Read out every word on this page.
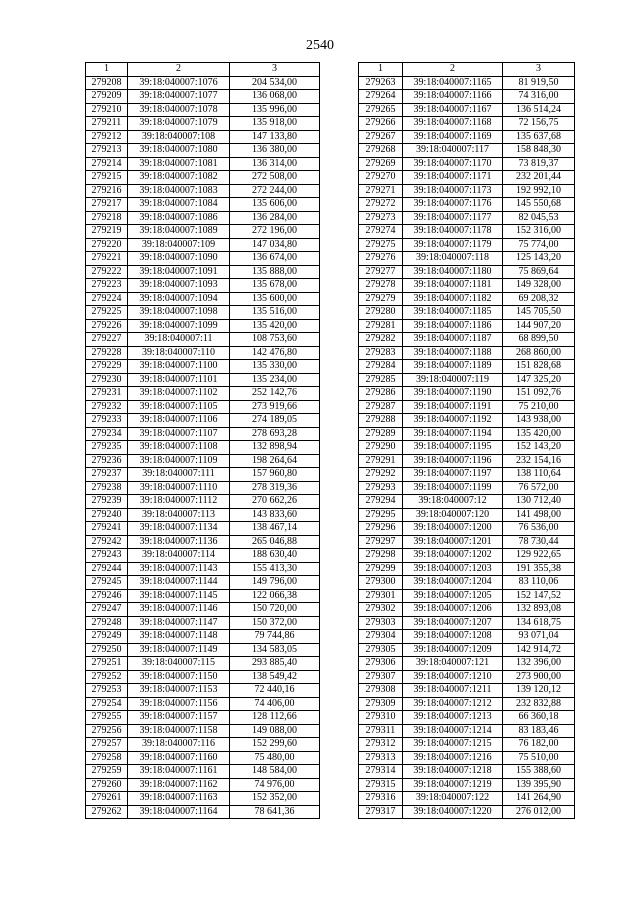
2540
1	2	3
279208	39:18:040007:1076	204 534,00
279209	39:18:040007:1077	136 068,00
279210	39:18:040007:1078	135 996,00
279211	39:18:040007:1079	135 918,00
279212	39:18:040007:108	147 133,80
279213	39:18:040007:1080	136 380,00
279214	39:18:040007:1081	136 314,00
279215	39:18:040007:1082	272 508,00
279216	39:18:040007:1083	272 244,00
279217	39:18:040007:1084	135 606,00
279218	39:18:040007:1086	136 284,00
279219	39:18:040007:1089	272 196,00
279220	39:18:040007:109	147 034,80
279221	39:18:040007:1090	136 674,00
279222	39:18:040007:1091	135 888,00
279223	39:18:040007:1093	135 678,00
279224	39:18:040007:1094	135 600,00
279225	39:18:040007:1098	135 516,00
279226	39:18:040007:1099	135 420,00
279227	39:18:040007:11	108 753,60
279228	39:18:040007:110	142 476,80
279229	39:18:040007:1100	135 330,00
279230	39:18:040007:1101	135 234,00
279231	39:18:040007:1102	252 142,76
279232	39:18:040007:1105	273 919,66
279233	39:18:040007:1106	274 189,05
279234	39:18:040007:1107	278 693,28
279235	39:18:040007:1108	132 898,94
279236	39:18:040007:1109	198 264,64
279237	39:18:040007:111	157 960,80
279238	39:18:040007:1110	278 319,36
279239	39:18:040007:1112	270 662,26
279240	39:18:040007:113	143 833,60
279241	39:18:040007:1134	138 467,14
279242	39:18:040007:1136	265 046,88
279243	39:18:040007:114	188 630,40
279244	39:18:040007:1143	155 413,30
279245	39:18:040007:1144	149 796,00
279246	39:18:040007:1145	122 066,38
279247	39:18:040007:1146	150 720,00
279248	39:18:040007:1147	150 372,00
279249	39:18:040007:1148	79 744,86
279250	39:18:040007:1149	134 583,05
279251	39:18:040007:115	293 885,40
279252	39:18:040007:1150	138 549,42
279253	39:18:040007:1153	72 440,16
279254	39:18:040007:1156	74 406,00
279255	39:18:040007:1157	128 112,66
279256	39:18:040007:1158	149 088,00
279257	39:18:040007:116	152 299,60
279258	39:18:040007:1160	75 480,00
279259	39:18:040007:1161	148 584,00
279260	39:18:040007:1162	74 976,00
279261	39:18:040007:1163	152 352,00
279262	39:18:040007:1164	78 641,36
1	2	3
279263	39:18:040007:1165	81 919,50
279264	39:18:040007:1166	74 316,00
279265	39:18:040007:1167	136 514,24
279266	39:18:040007:1168	72 156,75
279267	39:18:040007:1169	135 637,68
279268	39:18:040007:117	158 848,30
279269	39:18:040007:1170	73 819,37
279270	39:18:040007:1171	232 201,44
279271	39:18:040007:1173	192 992,10
279272	39:18:040007:1176	145 550,68
279273	39:18:040007:1177	82 045,53
279274	39:18:040007:1178	152 316,00
279275	39:18:040007:1179	75 774,00
279276	39:18:040007:118	125 143,20
279277	39:18:040007:1180	75 869,64
279278	39:18:040007:1181	149 328,00
279279	39:18:040007:1182	69 208,32
279280	39:18:040007:1185	145 705,50
279281	39:18:040007:1186	144 907,20
279282	39:18:040007:1187	68 899,50
279283	39:18:040007:1188	268 860,00
279284	39:18:040007:1189	151 828,68
279285	39:18:040007:119	147 325,20
279286	39:18:040007:1190	151 092,76
279287	39:18:040007:1191	75 210,00
279288	39:18:040007:1192	143 938,00
279289	39:18:040007:1194	135 420,00
279290	39:18:040007:1195	152 143,20
279291	39:18:040007:1196	232 154,16
279292	39:18:040007:1197	138 110,64
279293	39:18:040007:1199	76 572,00
279294	39:18:040007:12	130 712,40
279295	39:18:040007:120	141 498,00
279296	39:18:040007:1200	76 536,00
279297	39:18:040007:1201	78 730,44
279298	39:18:040007:1202	129 922,65
279299	39:18:040007:1203	191 355,38
279300	39:18:040007:1204	83 110,06
279301	39:18:040007:1205	152 147,52
279302	39:18:040007:1206	132 893,08
279303	39:18:040007:1207	134 618,75
279304	39:18:040007:1208	93 071,04
279305	39:18:040007:1209	142 914,72
279306	39:18:040007:121	132 396,00
279307	39:18:040007:1210	273 900,00
279308	39:18:040007:1211	139 120,12
279309	39:18:040007:1212	232 832,88
279310	39:18:040007:1213	66 360,18
279311	39:18:040007:1214	83 183,46
279312	39:18:040007:1215	76 182,00
279313	39:18:040007:1216	75 510,00
279314	39:18:040007:1218	155 388,60
279315	39:18:040007:1219	139 395,90
279316	39:18:040007:122	141 264,90
279317	39:18:040007:1220	276 012,00
